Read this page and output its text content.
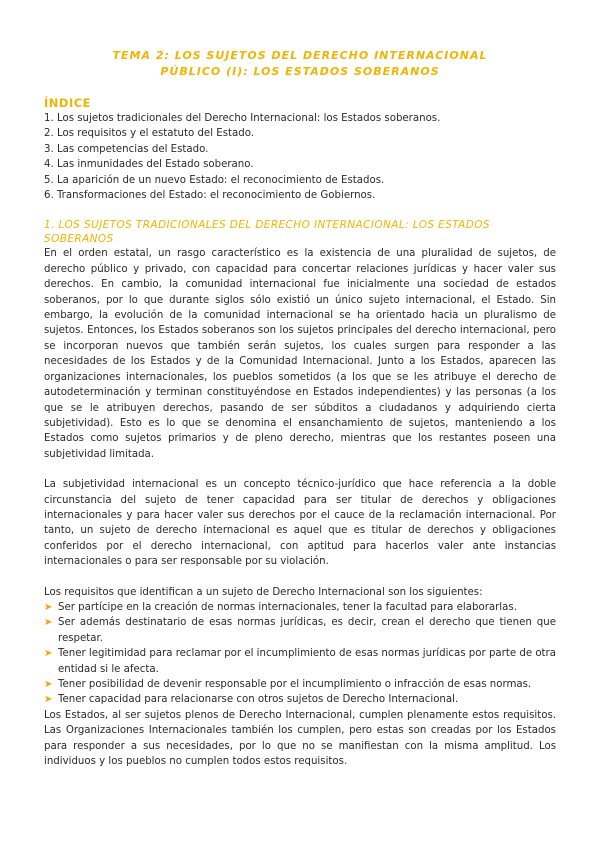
TEMA 2: LOS SUJETOS DEL DERECHO INTERNACIONAL PÚBLICO (I): LOS ESTADOS SOBERANOS
ÍNDICE
1. Los sujetos tradicionales del Derecho Internacional: los Estados soberanos.
2. Los requisitos y el estatuto del Estado.
3. Las competencias del Estado.
4. Las inmunidades del Estado soberano.
5. La aparición de un nuevo Estado: el reconocimiento de Estados.
6. Transformaciones del Estado: el reconocimiento de Gobiernos.
1. LOS SUJETOS TRADICIONALES DEL DERECHO INTERNACIONAL: LOS ESTADOS SOBERANOS

En el orden estatal, un rasgo característico es la existencia de una pluralidad de sujetos, de derecho público y privado, con capacidad para concertar relaciones jurídicas y hacer valer sus derechos. En cambio, la comunidad internacional fue inicialmente una sociedad de estados soberanos, por lo que durante siglos sólo existió un único sujeto internacional, el Estado. Sin embargo, la evolución de la comunidad internacional se ha orientado hacia un pluralismo de sujetos. Entonces, los Estados soberanos son los sujetos principales del derecho internacional, pero se incorporan nuevos que también serán sujetos, los cuales surgen para responder a las necesidades de los Estados y de la Comunidad Internacional. Junto a los Estados, aparecen las organizaciones internacionales, los pueblos sometidos (a los que se les atribuye el derecho de autodeterminación y terminan constituyéndose en Estados independientes) y las personas (a los que se le atribuyen derechos, pasando de ser súbditos a ciudadanos y adquiriendo cierta subjetividad). Esto es lo que se denomina el ensanchamiento de sujetos, manteniendo a los Estados como sujetos primarios y de pleno derecho, mientras que los restantes poseen una subjetividad limitada.

La subjetividad internacional es un concepto técnico-jurídico que hace referencia a la doble circunstancia del sujeto de tener capacidad para ser titular de derechos y obligaciones internacionales y para hacer valer sus derechos por el cauce de la reclamación internacional. Por tanto, un sujeto de derecho internacional es aquel que es titular de derechos y obligaciones conferidos por el derecho internacional, con aptitud para hacerlos valer ante instancias internacionales o para ser responsable por su violación.

Los requisitos que identifican a un sujeto de Derecho Internacional son los siguientes:

➤ Ser partícipe en la creación de normas internacionales, tener la facultad para elaborarlas.
➤ Ser además destinatario de esas normas jurídicas, es decir, crean el derecho que tienen que respetar.
➤ Tener legitimidad para reclamar por el incumplimiento de esas normas jurídicas por parte de otra entidad si le afecta.
➤ Tener posibilidad de devenir responsable por el incumplimiento o infracción de esas normas.
➤ Tener capacidad para relacionarse con otros sujetos de Derecho Internacional.

Los Estados, al ser sujetos plenos de Derecho Internacional, cumplen plenamente estos requisitos. Las Organizaciones Internacionales también los cumplen, pero estas son creadas por los Estados para responder a sus necesidades, por lo que no se manifiestan con la misma amplitud. Los individuos y los pueblos no cumplen todos estos requisitos.
